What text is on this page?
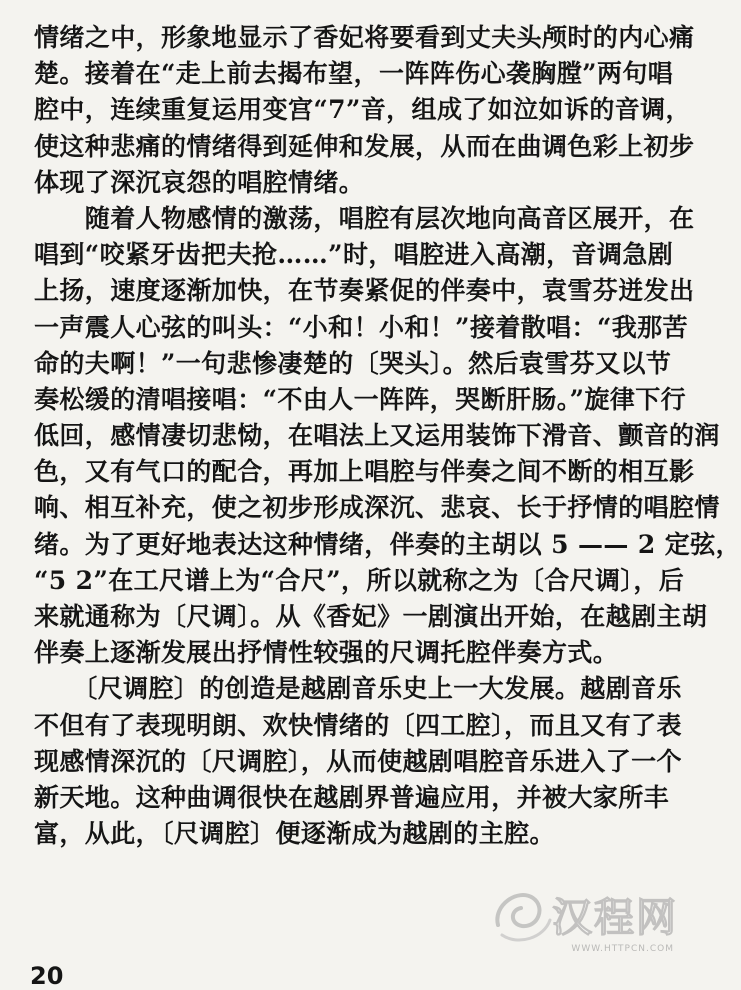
情绪之中，形象地显示了香妃将要看到丈夫头颅时的内心痛
楚。接着在“走上前去揭布望，一阵阵伤心袭胸膛”两句唱
腔中，连续重复运用变宫“7”音，组成了如泣如诉的音调，
使这种悲痛的情绪得到延伸和发展，从而在曲调色彩上初步
体现了深沉哀怨的唱腔情绪。
　　随着人物感情的激荡，唱腔有层次地向高音区展开，在
唱到“咬紧牙齿把夫抢……”时，唱腔进入高潮，音调急剧
上扬，速度逐渐加快，在节奏紧促的伴奏中，袁雪芬迸发出
一声震人心弦的叫头：“小和！小和！”接着散唱：“我那苦
命的夫啊！”一句悲惨凄楚的〔哭头〕。然后袁雪芬又以节
奏松缓的清唱接唱：“不由人一阵阵，哭断肝肠。”旋律下行
低回，感情凄切悲恸，在唱法上又运用装饰下滑音、颤音的润
色，又有气口的配合，再加上唱腔与伴奏之间不断的相互影
响、相互补充，使之初步形成深沉、悲哀、长于抒情的唱腔情
绪。为了更好地表达这种情绪，伴奏的主胡以 5 —— 2 定弦，
“5 2”在工尺谱上为“合尺”，所以就称之为〔合尺调〕，后
来就通称为〔尺调〕。从《香妃》一剧演出开始，在越剧主胡
伴奏上逐渐发展出抒情性较强的尺调托腔伴奏方式。
　　〔尺调腔〕的创造是越剧音乐史上一大发展。越剧音乐
不但有了表现明朗、欢快情绪的〔四工腔〕，而且又有了表
现感情深沉的〔尺调腔〕，从而使越剧唱腔音乐进入了一个
新天地。这种曲调很快在越剧界普遍应用，并被大家所丰
富，从此，〔尺调腔〕便逐渐成为越剧的主腔。
汉程网
WWW.HTTPCN.COM
20
